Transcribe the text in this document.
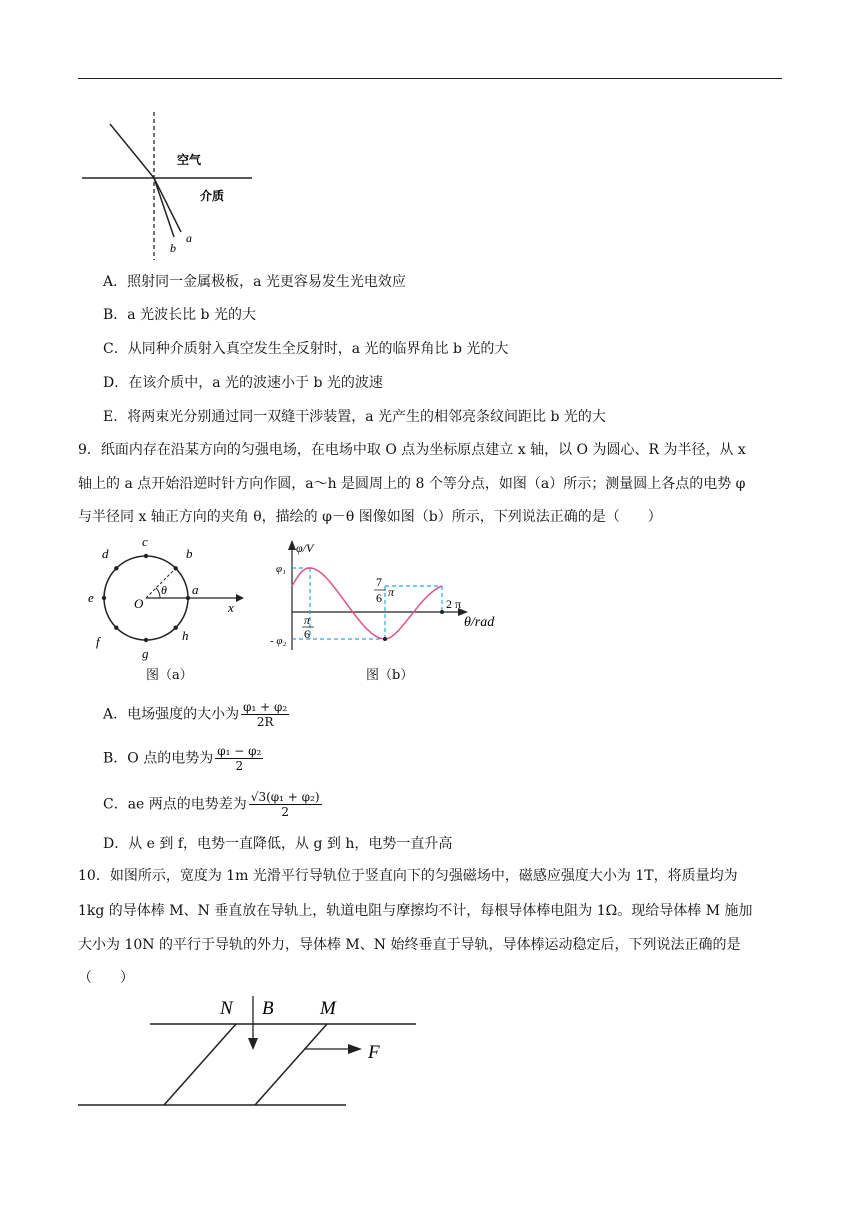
空气
介质
a
b
A．照射同一金属极板，a 光更容易发生光电效应
B．a 光波长比 b 光的大
C．从同种介质射入真空发生全反射时，a 光的临界角比 b 光的大
D．在该介质中，a 光的波速小于 b 光的波速
E．将两束光分别通过同一双缝干涉装置，a 光产生的相邻亮条纹间距比 b 光的大
9．纸面内存在沿某方向的匀强电场，在电场中取 O 点为坐标原点建立 x 轴，以 O 为圆心、R 为半径，从 x
轴上的 a 点开始沿逆时针方向作圆，a～h 是圆周上的 8 个等分点，如图（a）所示；测量圆上各点的电势 φ
与半径同 x 轴正方向的夹角 θ，描绘的 φ－θ 图像如图（b）所示，下列说法正确的是（　　）
a
b
c
d
e
f
g
h
O
θ
x
图（a）
φ/V
φ₁
- φ₂
7
6 π
2 π
θ/rad
π
6
图（b）
A．电场强度的大小为 $\frac{\text{φ₁ + φ₂}}{2R}$
B．O 点的电势为 $\frac{\text{φ₁ − φ₂}}{2}$
C．ae 两点的电势差为 $\frac{\text{√3(φ₁ + φ₂)}}{2}$
D．从 e 到 f，电势一直降低，从 g 到 h，电势一直升高
10．如图所示，宽度为 1m 光滑平行导轨位于竖直向下的匀强磁场中，磁感应强度大小为 1T，将质量均为
1kg 的导体棒 M、N 垂直放在导轨上，轨道电阻与摩擦均不计，每根导体棒电阻为 1Ω。现给导体棒 M 施加
大小为 10N 的平行于导轨的外力，导体棒 M、N 始终垂直于导轨，导体棒运动稳定后，下列说法正确的是
（　　）
N B M
F
